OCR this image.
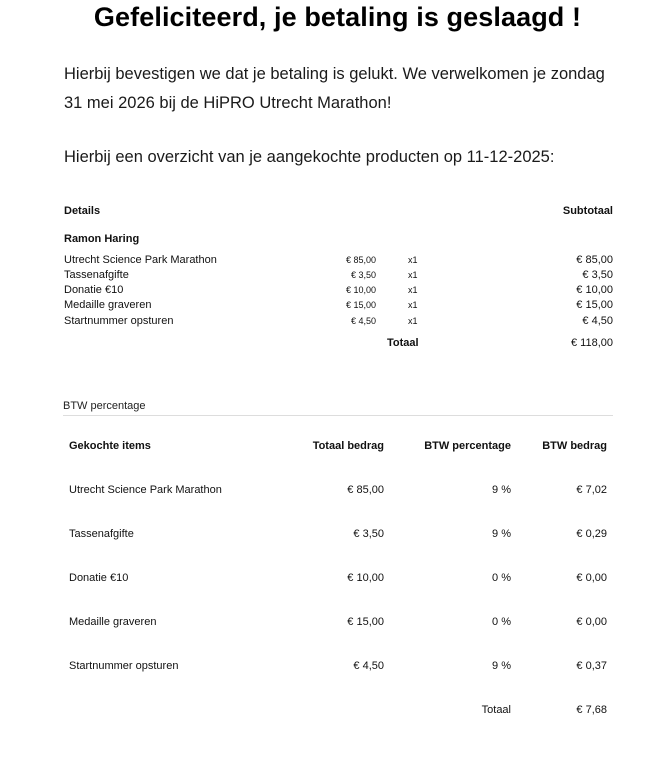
Gefeliciteerd, je betaling is geslaagd !
Hierbij bevestigen we dat je betaling is gelukt. We verwelkomen je zondag 31 mei 2026 bij de HiPRO Utrecht Marathon!
Hierbij een overzicht van je aangekochte producten op 11-12-2025:
Details	Subtotaal
Ramon Haring
Utrecht Science Park Marathon	€ 85,00	x1	€ 85,00
Tassenafgifte	€ 3,50	x1	€ 3,50
Donatie €10	€ 10,00	x1	€ 10,00
Medaille graveren	€ 15,00	x1	€ 15,00
Startnummer opsturen	€ 4,50	x1	€ 4,50
Totaal	€ 118,00
BTW percentage
Gekochte items	Totaal bedrag	BTW percentage	BTW bedrag
Utrecht Science Park Marathon	€ 85,00	9 %	€ 7,02
Tassenafgifte	€ 3,50	9 %	€ 0,29
Donatie €10	€ 10,00	0 %	€ 0,00
Medaille graveren	€ 15,00	0 %	€ 0,00
Startnummer opsturen	€ 4,50	9 %	€ 0,37
Totaal	€ 7,68
